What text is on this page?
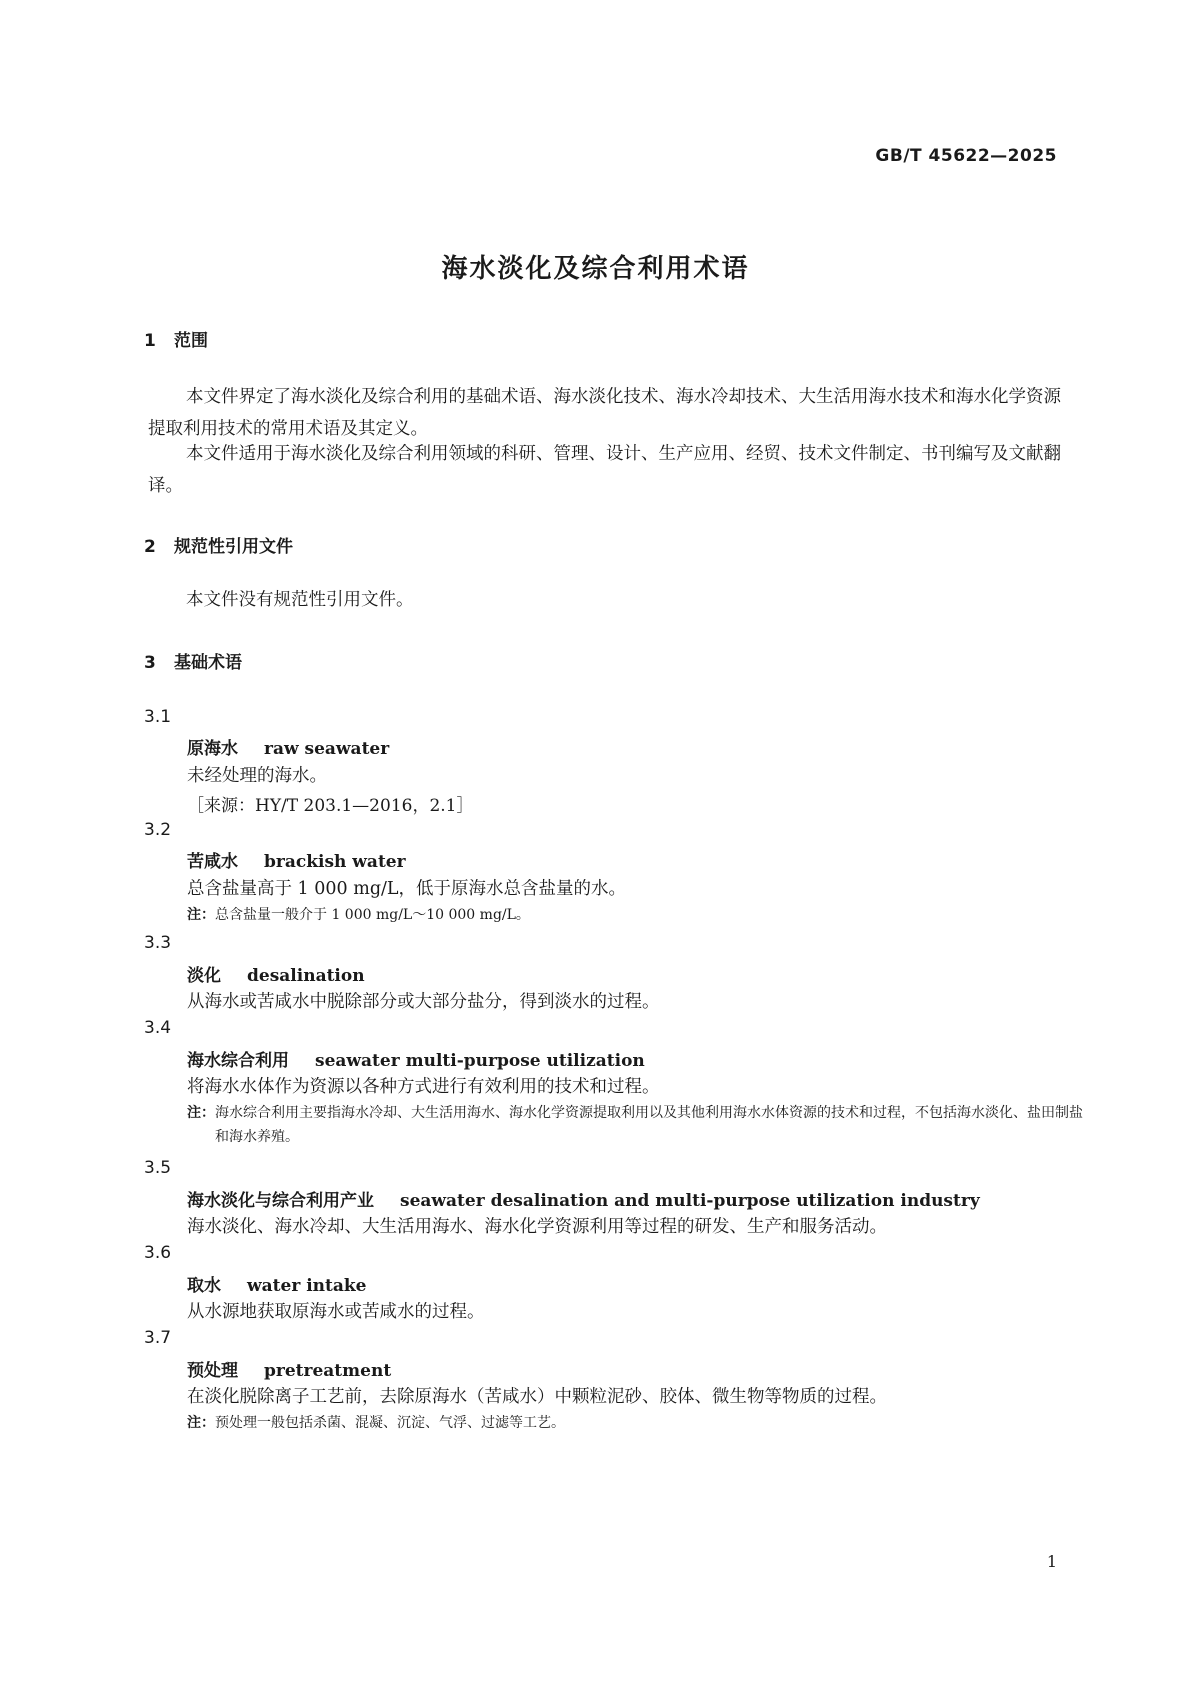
GB/T 45622—2025
海水淡化及综合利用术语
1 范围
本文件界定了海水淡化及综合利用的基础术语、海水淡化技术、海水冷却技术、大生活用海水技术和海水化学资源提取利用技术的常用术语及其定义。
本文件适用于海水淡化及综合利用领域的科研、管理、设计、生产应用、经贸、技术文件制定、书刊编写及文献翻译。
2 规范性引用文件
本文件没有规范性引用文件。
3 基础术语
3.1
原海水 raw seawater
未经处理的海水。
［来源：HY/T 203.1—2016，2.1］
3.2
苦咸水 brackish water
总含盐量高于 1 000 mg/L，低于原海水总含盐量的水。
注：总含盐量一般介于 1 000 mg/L～10 000 mg/L。
3.3
淡化 desalination
从海水或苦咸水中脱除部分或大部分盐分，得到淡水的过程。
3.4
海水综合利用 seawater multi-purpose utilization
将海水水体作为资源以各种方式进行有效利用的技术和过程。
注：海水综合利用主要指海水冷却、大生活用海水、海水化学资源提取利用以及其他利用海水水体资源的技术和过程，不包括海水淡化、盐田制盐和海水养殖。
3.5
海水淡化与综合利用产业 seawater desalination and multi-purpose utilization industry
海水淡化、海水冷却、大生活用海水、海水化学资源利用等过程的研发、生产和服务活动。
3.6
取水 water intake
从水源地获取原海水或苦咸水的过程。
3.7
预处理 pretreatment
在淡化脱除离子工艺前，去除原海水（苦咸水）中颗粒泥砂、胶体、微生物等物质的过程。
注：预处理一般包括杀菌、混凝、沉淀、气浮、过滤等工艺。
1
